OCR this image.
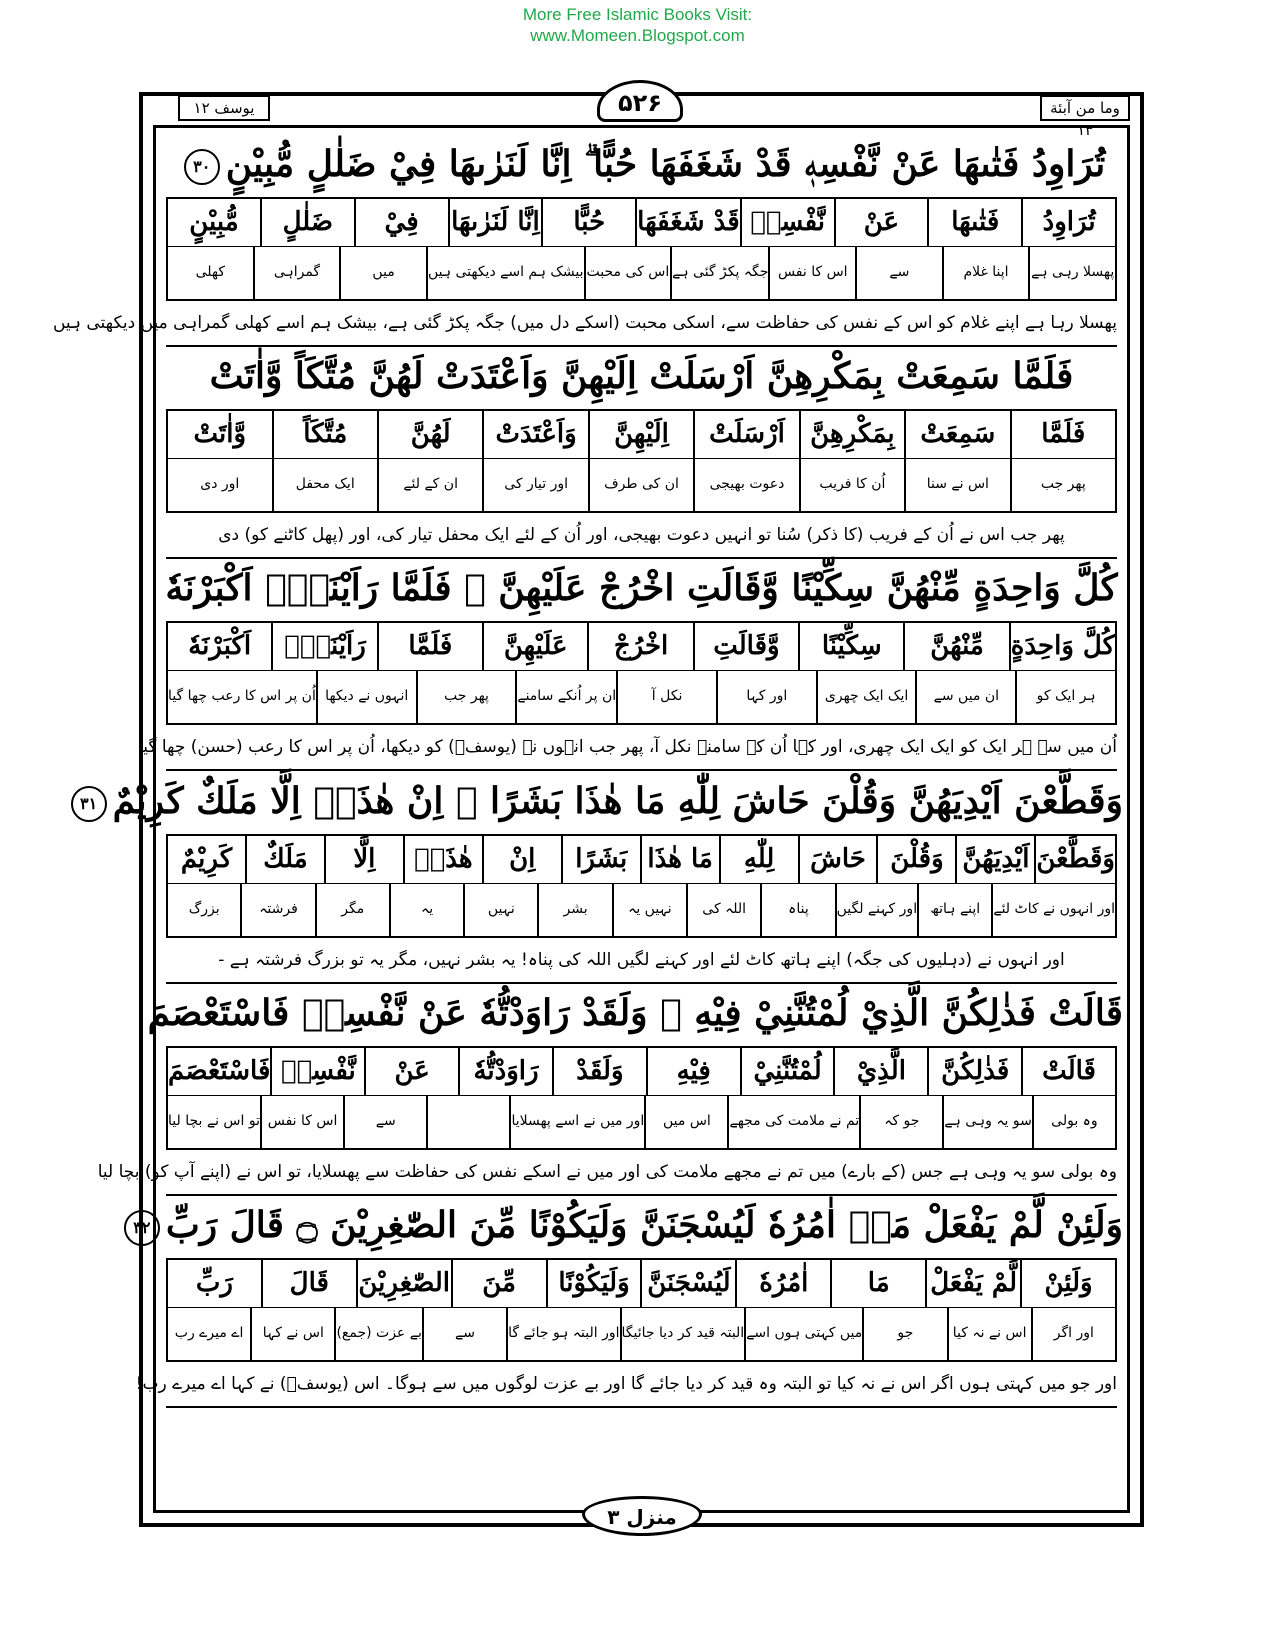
More Free Islamic Books Visit:
www.Momeen.Blogspot.com
یوسف ۱۲	۵۲۶	وما من آبئة ۱۳
تُرَاوِدُ فَتٰىهَا عَنْ نَّفْسِهٖ قَدْ شَغَفَهَا حُبًّا ۗ اِنَّا لَنَرٰىهَا فِيْ ضَلٰلٍ مُّبِيْنٍ۳۰
تُرَاوِدُ
فَتٰىهَا
عَنْ
نَّفْسِهٖ
قَدْ شَغَفَهَا
حُبًّا
اِنَّا لَنَرٰىهَا
فِيْ
ضَلٰلٍ
مُّبِيْنٍ
پھسلا رہی ہے
اپنا غلام
سے
اس کا نفس
جگہ پکڑ گئی ہے
اس کی محبت
بیشک ہم اسے دیکھتی ہیں
میں
گمراہی
کھلی
پھسلا رہا ہے اپنے غلام کو اس کے نفس کی حفاظت سے، اسکی محبت (اسکے دل میں) جگہ پکڑ گئی ہے، بیشک ہم اسے کھلی گمراہی میں دیکھتی ہیں
فَلَمَّا سَمِعَتْ بِمَكْرِهِنَّ اَرْسَلَتْ اِلَيْهِنَّ وَاَعْتَدَتْ لَهُنَّ مُتَّكَاً وَّاٰتَتْ
فَلَمَّا
سَمِعَتْ
بِمَكْرِهِنَّ
اَرْسَلَتْ
اِلَيْهِنَّ
وَاَعْتَدَتْ
لَهُنَّ
مُتَّكَاً
وَّاٰتَتْ
پھر جب
اس نے سنا
اُن کا فریب
دعوت بھیجی
ان کی طرف
اور تیار کی
ان کے لئے
ایک محفل
اور دی
پھر جب اس نے اُن کے فریب (کا ذکر) سُنا تو انہیں دعوت بھیجی، اور اُن کے لئے ایک محفل تیار کی، اور (پھل کاٹنے کو) دی
كُلَّ وَاحِدَةٍ مِّنْهُنَّ سِكِّيْنًا وَّقَالَتِ اخْرُجْ عَلَيْهِنَّ ۚ فَلَمَّا رَاَيْنَهٗۤ اَكْبَرْنَهٗ
كُلَّ وَاحِدَةٍ
مِّنْهُنَّ
سِكِّيْنًا
وَّقَالَتِ
اخْرُجْ
عَلَيْهِنَّ
فَلَمَّا
رَاَيْنَهٗۤ
اَكْبَرْنَهٗ
ہر ایک کو
ان میں سے
ایک ایک چھری
اور کہا
نکل آ
ان پر اُنکے سامنے
پھر جب
انہوں نے دیکھا
اُن پر اس کا رعب چھا گیا
اُن میں سے ہر ایک کو ایک ایک چھری، اور کہا اُن کے سامنے نکل آ، پھر جب انہوں نے (یوسفؑ) کو دیکھا، اُن پر اس کا رعب (حسن) چھا گیا
وَقَطَّعْنَ اَيْدِيَهُنَّ وَقُلْنَ حَاشَ لِلّٰهِ مَا هٰذَا بَشَرًا ۭ اِنْ هٰذَاۤ اِلَّا مَلَكٌ كَرِيْمٌ۳۱
وَقَطَّعْنَ
اَيْدِيَهُنَّ
وَقُلْنَ
حَاشَ
لِلّٰهِ
مَا هٰذَا
بَشَرًا
اِنْ
هٰذَاۤ
اِلَّا
مَلَكٌ
كَرِيْمٌ
اور انہوں نے کاٹ لئے
اپنے ہاتھ
اور کہنے لگیں
پناہ
اللہ کی
نہیں یہ
بشر
نہیں
یہ
مگر
فرشتہ
بزرگ
اور انہوں نے (دہلیوں کی جگہ) اپنے ہاتھ کاٹ لئے اور کہنے لگیں اللہ کی پناہ! یہ بشر نہیں، مگر یہ تو بزرگ فرشتہ ہے -
قَالَتْ فَذٰلِكُنَّ الَّذِيْ لُمْتُنَّنِيْ فِيْهِ ۭ وَلَقَدْ رَاوَدْتُّهٗ عَنْ نَّفْسِهٖ فَاسْتَعْصَمَ
قَالَتْ
فَذٰلِكُنَّ
الَّذِيْ
لُمْتُنَّنِيْ
فِيْهِ
وَلَقَدْ
رَاوَدْتُّهٗ
عَنْ
نَّفْسِهٖ
فَاسْتَعْصَمَ
وہ بولی
سو یہ وہی ہے
جو کہ
تم نے ملامت کی مجھے
اس میں
اور میں نے اسے پھسلایا
سے
اس کا نفس
تو اس نے بچا لیا
وہ بولی سو یہ وہی ہے جس (کے بارے) میں تم نے مجھے ملامت کی اور میں نے اسکے نفس کی حفاظت سے پھسلایا، تو اس نے (اپنے آپ کو) بچا لیا
وَلَئِنْ لَّمْ يَفْعَلْ مَاۤ اٰمُرُهٗ لَيُسْجَنَنَّ وَلَيَكُوْنًا مِّنَ الصّٰغِرِيْنَ ۝ قَالَ رَبِّ۳۲
وَلَئِنْ
لَّمْ يَفْعَلْ
مَا
اٰمُرُهٗ
لَيُسْجَنَنَّ
وَلَيَكُوْنًا
مِّنَ
الصّٰغِرِيْنَ
قَالَ
رَبِّ
اور اگر
اس نے نہ کیا
جو
میں کہتی ہوں اسے
البتہ قید کر دیا جائیگا
اور البتہ ہو جائے گا
سے
بے عزت (جمع)
اس نے کہا
اے میرے رب
اور جو میں کہتی ہوں اگر اس نے نہ کیا تو البتہ وہ قید کر دیا جائے گا اور بے عزت لوگوں میں سے ہوگا۔ اس (یوسفؑ) نے کہا اے میرے رب!
منزل ۳
